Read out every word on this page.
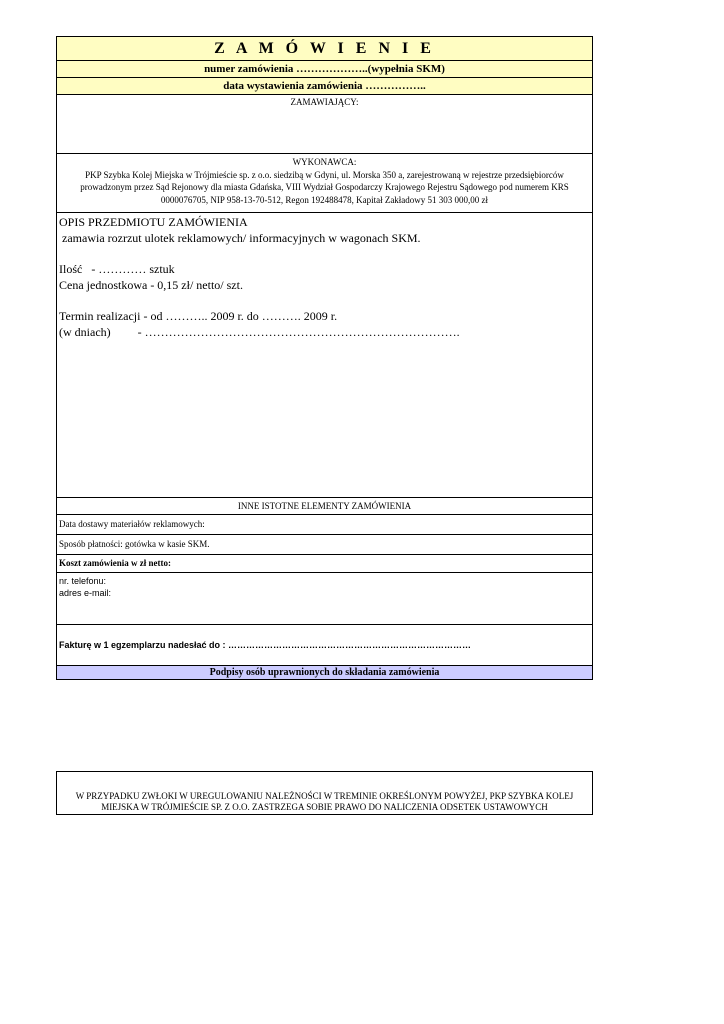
Z A M Ó W I E N I E
numer zamówienia ………………..(wypełnia SKM)
data wystawienia zamówienia ……………..
ZAMAWIAJĄCY:
WYKONAWCA:
PKP Szybka Kolej Miejska w Trójmieście sp. z o.o. siedzibą w Gdyni, ul. Morska 350 a, zarejestrowaną w rejestrze przedsiębiorców
prowadzonym przez Sąd Rejonowy dla miasta Gdańska, VIII Wydział Gospodarczy Krajowego Rejestru Sądowego pod numerem KRS
0000076705, NIP 958-13-70-512, Regon 192488478, Kapitał Zakładowy 51 303 000,00 zł
OPIS PRZEDMIOTU ZAMÓWIENIA
zamawia rozrzut ulotek reklamowych/ informacyjnych w wagonach SKM.
Ilość   - ………… sztuk
Cena jednostkowa - 0,15 zł/ netto/ szt.
Termin realizacji - od ……….. 2009 r. do ………. 2009 r.
(w dniach)         - …………………………………………………………………….
INNE ISTOTNE ELEMENTY ZAMÓWIENIA
Data dostawy materiałów reklamowych:
Sposób płatności: gotówka w kasie SKM.
Koszt zamówienia w zł netto:
nr. telefonu:
adres e-mail:
Fakturę w 1 egzemplarzu nadesłać do : ………………………………………………………………………
Podpisy osób uprawnionych do składania zamówienia
W PRZYPADKU ZWŁOKI W UREGULOWANIU NALEŻNOŚCI W TREMINIE OKREŚLONYM POWYŻEJ, PKP SZYBKA KOLEJ
MIEJSKA W TRÓJMIEŚCIE SP. Z O.O. ZASTRZEGA SOBIE PRAWO DO NALICZENIA ODSETEK USTAWOWYCH
